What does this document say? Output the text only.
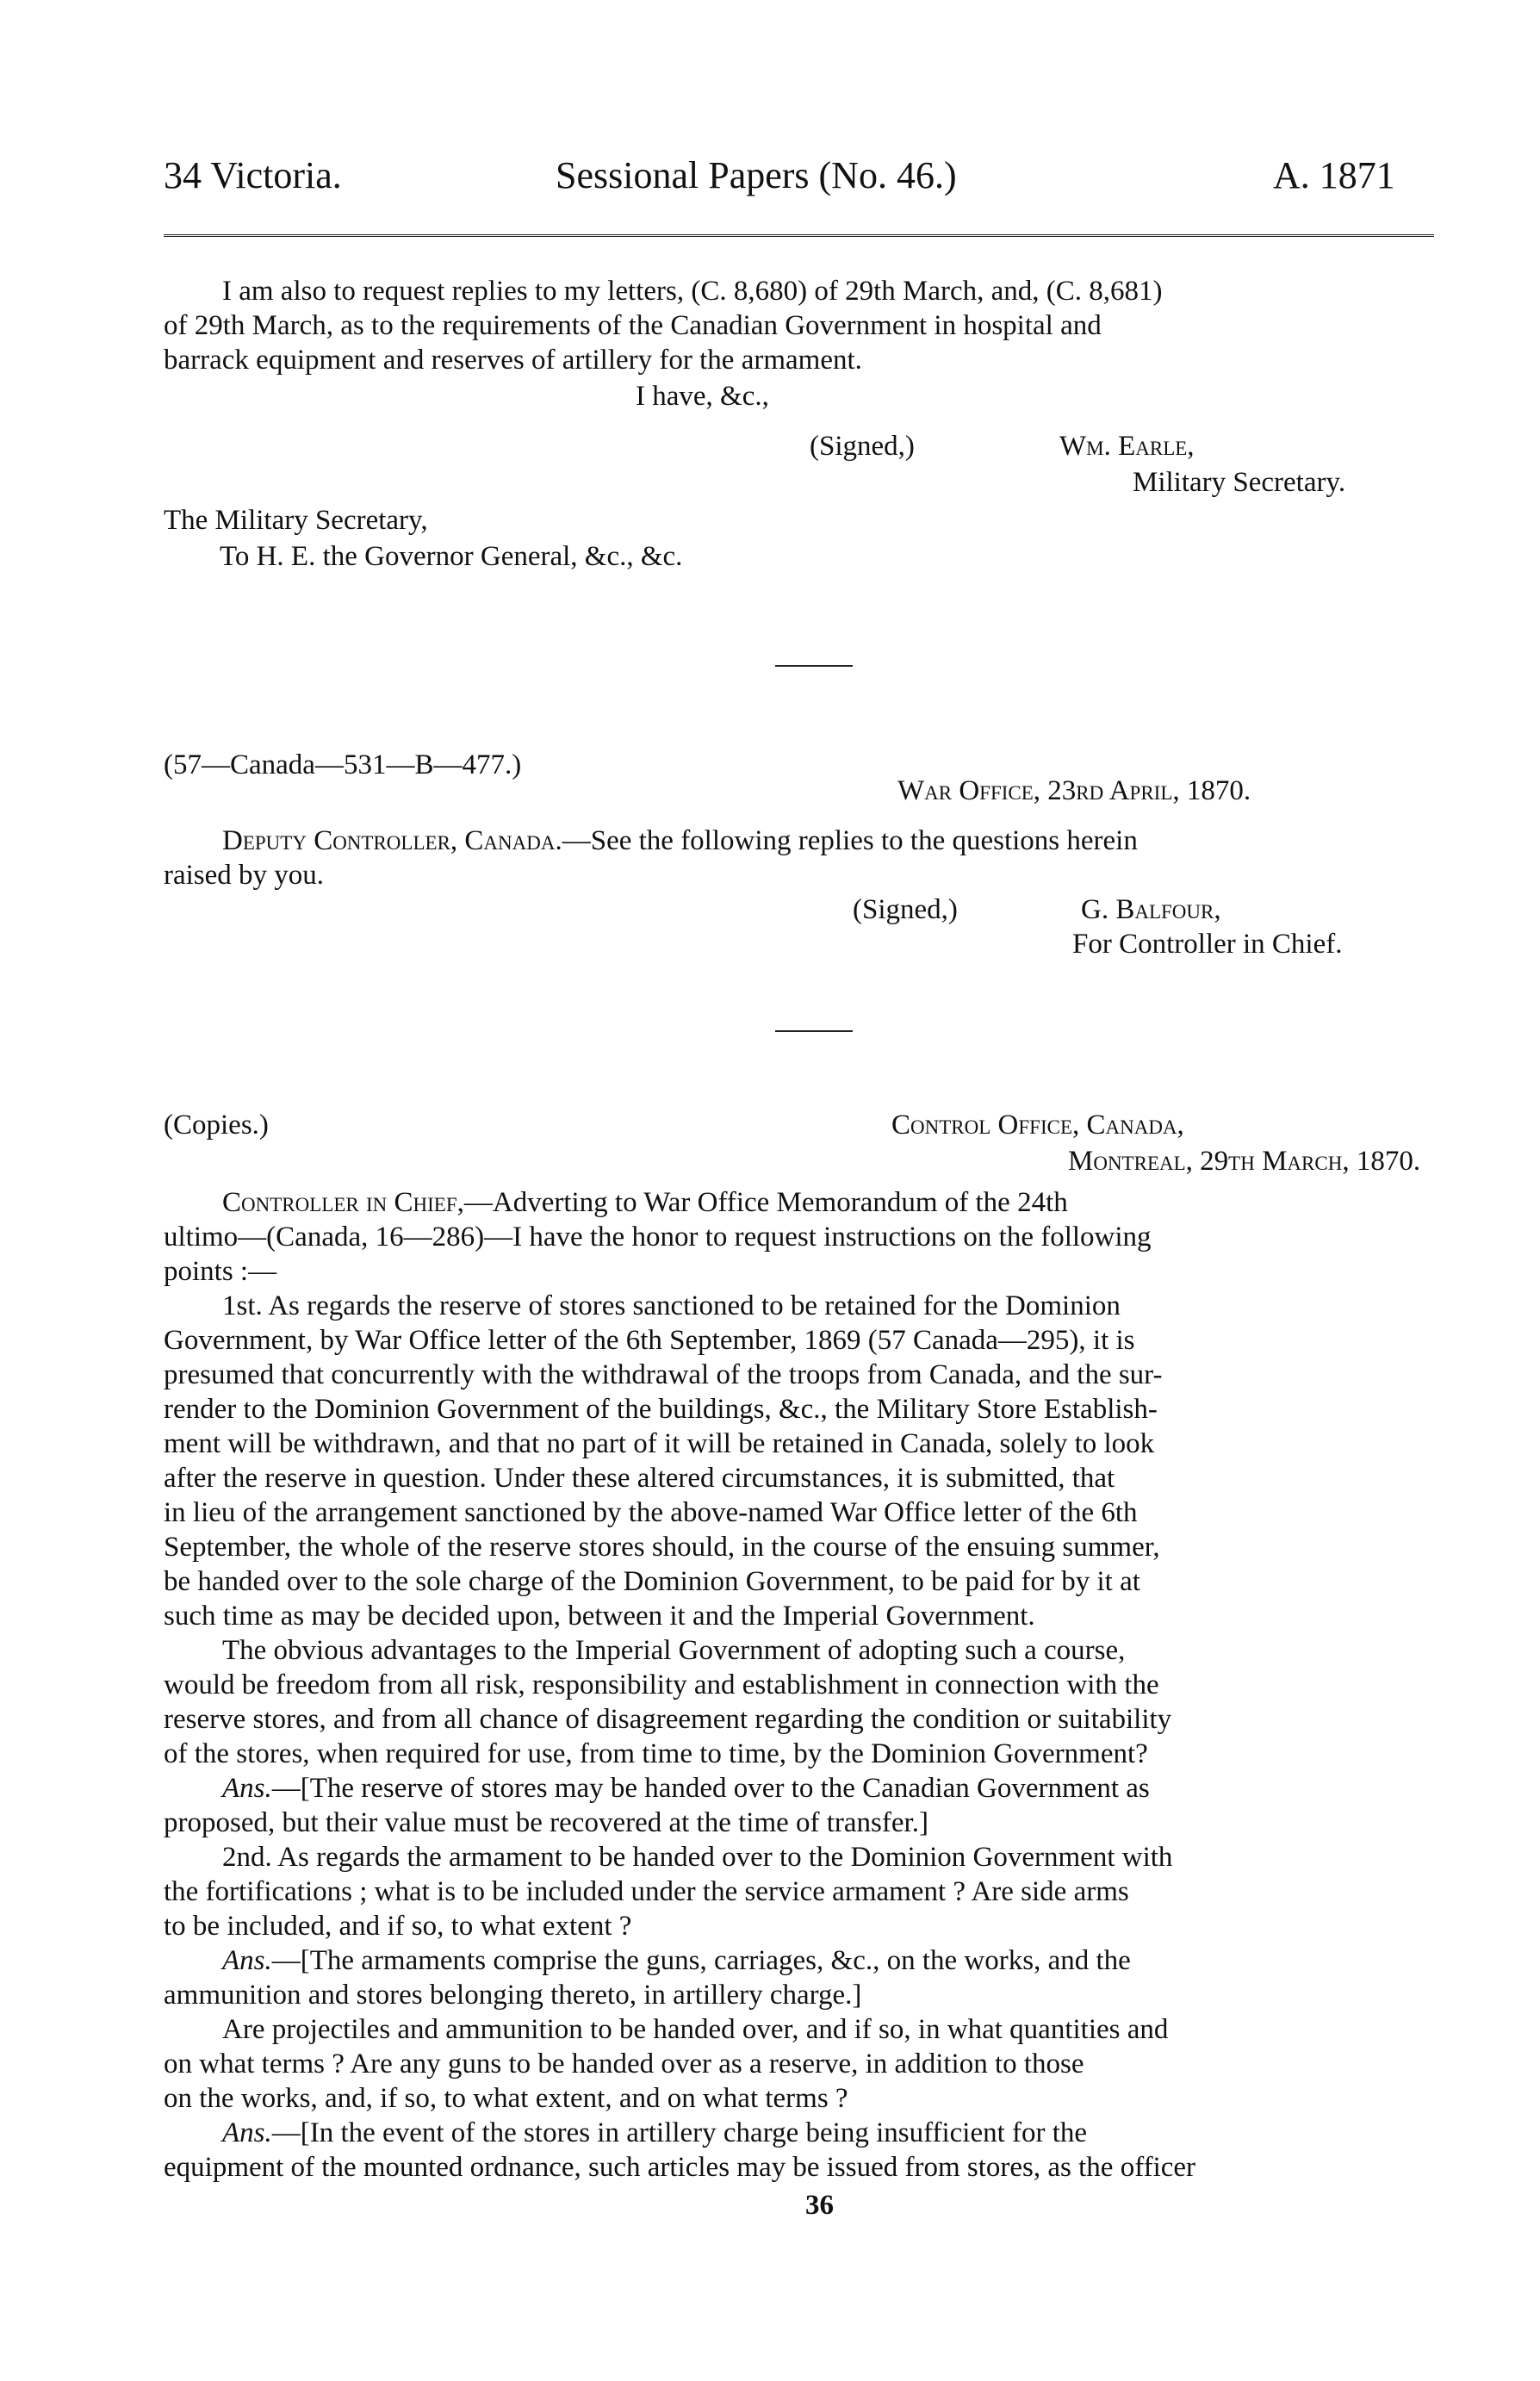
34 Victoria.	Sessional Papers (No. 46.)	A. 1871
I am also to request replies to my letters, (C. 8,680) of 29th March, and, (C. 8,681)
of 29th March, as to the requirements of the Canadian Government in hospital and
barrack equipment and reserves of artillery for the armament.
I have, &c.,
(Signed,)	Wm. Earle,
Military Secretary.
The Military Secretary,
To H. E. the Governor General, &c., &c.
(57—Canada—531—B—477.)
War Office, 23rd April, 1870.
Deputy Controller, Canada.—See the following replies to the questions herein
raised by you.
(Signed,)	G. Balfour,
For Controller in Chief.
(Copies.)	Control Office, Canada,
Montreal, 29th March, 1870.
Controller in Chief,—Adverting to War Office Memorandum of the 24th
ultimo—(Canada, 16—286)—I have the honor to request instructions on the following
points :—
1st. As regards the reserve of stores sanctioned to be retained for the Dominion
Government, by War Office letter of the 6th September, 1869 (57 Canada—295), it is
presumed that concurrently with the withdrawal of the troops from Canada, and the sur-
render to the Dominion Government of the buildings, &c., the Military Store Establish-
ment will be withdrawn, and that no part of it will be retained in Canada, solely to look
after the reserve in question. Under these altered circumstances, it is submitted, that
in lieu of the arrangement sanctioned by the above-named War Office letter of the 6th
September, the whole of the reserve stores should, in the course of the ensuing summer,
be handed over to the sole charge of the Dominion Government, to be paid for by it at
such time as may be decided upon, between it and the Imperial Government.
The obvious advantages to the Imperial Government of adopting such a course,
would be freedom from all risk, responsibility and establishment in connection with the
reserve stores, and from all chance of disagreement regarding the condition or suitability
of the stores, when required for use, from time to time, by the Dominion Government?
Ans.—[The reserve of stores may be handed over to the Canadian Government as
proposed, but their value must be recovered at the time of transfer.]
2nd. As regards the armament to be handed over to the Dominion Government with
the fortifications ; what is to be included under the service armament ? Are side arms
to be included, and if so, to what extent ?
Ans.—[The armaments comprise the guns, carriages, &c., on the works, and the
ammunition and stores belonging thereto, in artillery charge.]
Are projectiles and ammunition to be handed over, and if so, in what quantities and
on what terms ? Are any guns to be handed over as a reserve, in addition to those
on the works, and, if so, to what extent, and on what terms ?
Ans.—[In the event of the stores in artillery charge being insufficient for the
equipment of the mounted ordnance, such articles may be issued from stores, as the officer
36
